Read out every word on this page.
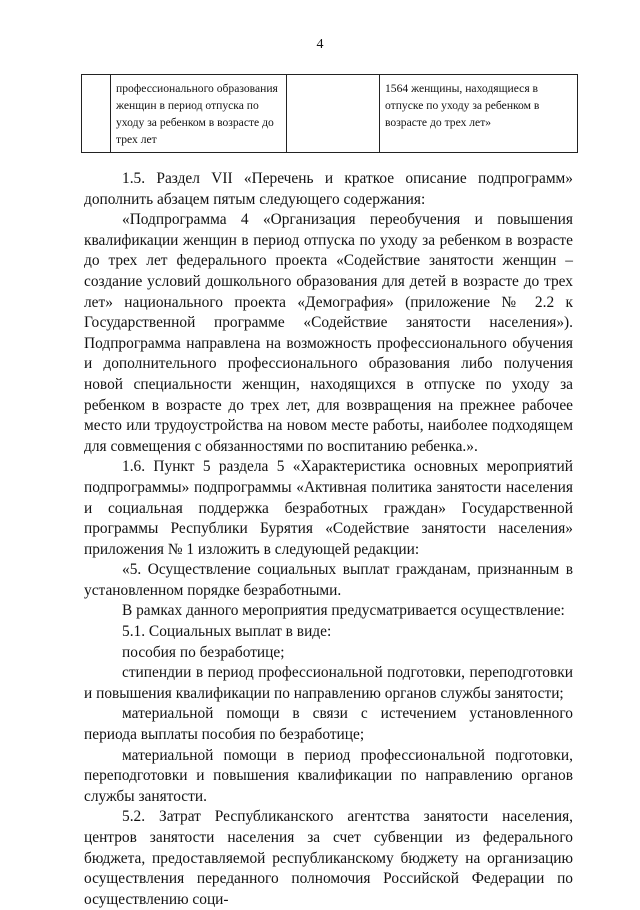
4
	профессионального образования женщин в период отпуска по уходу за ребенком в возрасте до трех лет		1564 женщины, находящиеся в отпуске по уходу за ребенком в возрасте до трех лет»

1.5. Раздел VII «Перечень и краткое описание подпрограмм» дополнить абзацем пятым следующего содержания:

«Подпрограмма 4 «Организация переобучения и повышения квалификации женщин в период отпуска по уходу за ребенком в возрасте до трех лет федерального проекта «Содействие занятости женщин – создание условий дошкольного образования для детей в возрасте до трех лет» национального проекта «Демография» (приложение № 2.2 к Государственной программе «Содействие занятости населения»). Подпрограмма направлена на возможность профессионального обучения и дополнительного профессионального образования либо получения новой специальности женщин, находящихся в отпуске по уходу за ребенком в возрасте до трех лет, для возвращения на прежнее рабочее место или трудоустройства на новом месте работы, наиболее подходящем для совмещения с обязанностями по воспитанию ребенка.».

1.6. Пункт 5 раздела 5 «Характеристика основных мероприятий подпрограммы» подпрограммы «Активная политика занятости населения и социальная поддержка безработных граждан» Государственной программы Республики Бурятия «Содействие занятости населения» приложения № 1 изложить в следующей редакции:

«5. Осуществление социальных выплат гражданам, признанным в установленном порядке безработными.

В рамках данного мероприятия предусматривается осуществление:

5.1. Социальных выплат в виде:

пособия по безработице;

стипендии в период профессиональной подготовки, переподготовки и повышения квалификации по направлению органов службы занятости;

материальной помощи в связи с истечением установленного периода выплаты пособия по безработице;

материальной помощи в период профессиональной подготовки, переподготовки и повышения квалификации по направлению органов службы занятости.

5.2. Затрат Республиканского агентства занятости населения, центров занятости населения за счет субвенции из федерального бюджета, предоставляемой республиканскому бюджету на организацию осуществления переданного полномочия Российской Федерации по осуществлению соци-
